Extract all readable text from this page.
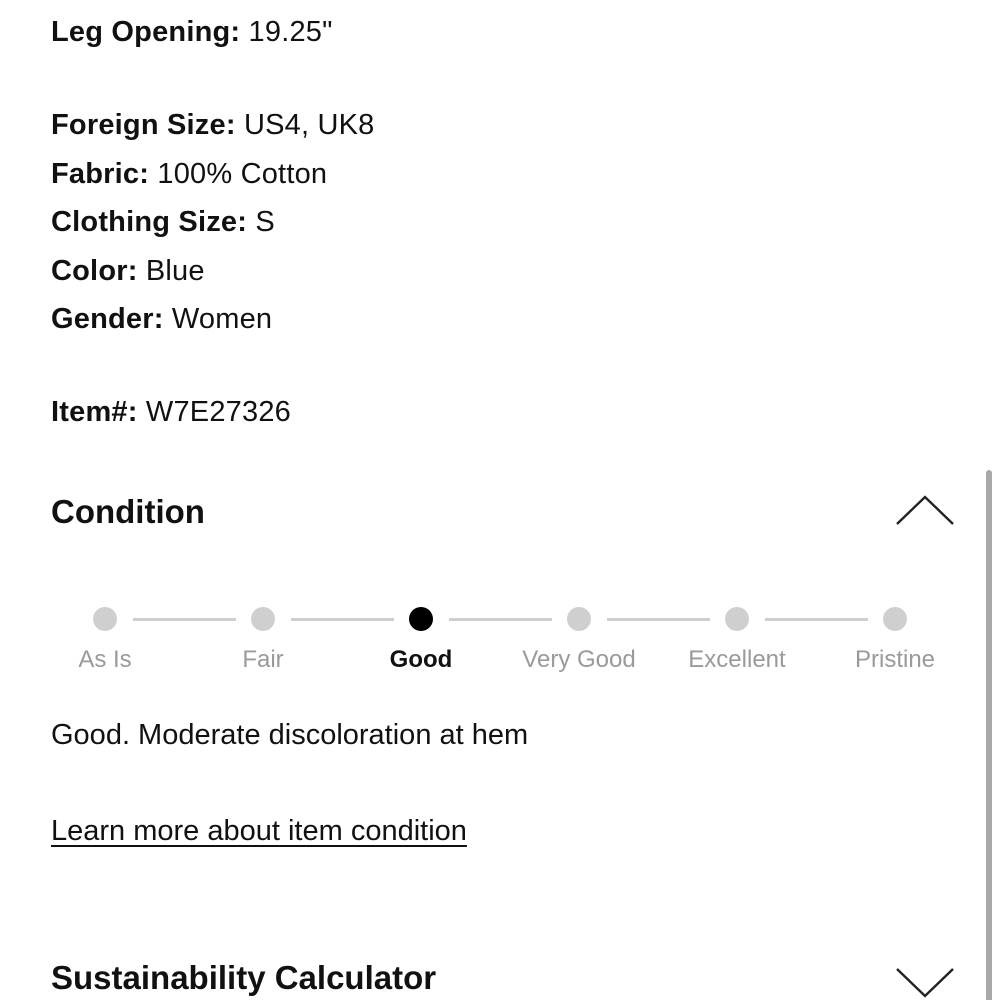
Leg Opening: 19.25"
Foreign Size: US4, UK8
Fabric: 100% Cotton
Clothing Size: S
Color: Blue
Gender: Women
Item#: W7E27326
Condition
As Is	Fair	Good	Very Good	Excellent	Pristine
Good. Moderate discoloration at hem
Learn more about item condition
Sustainability Calculator
